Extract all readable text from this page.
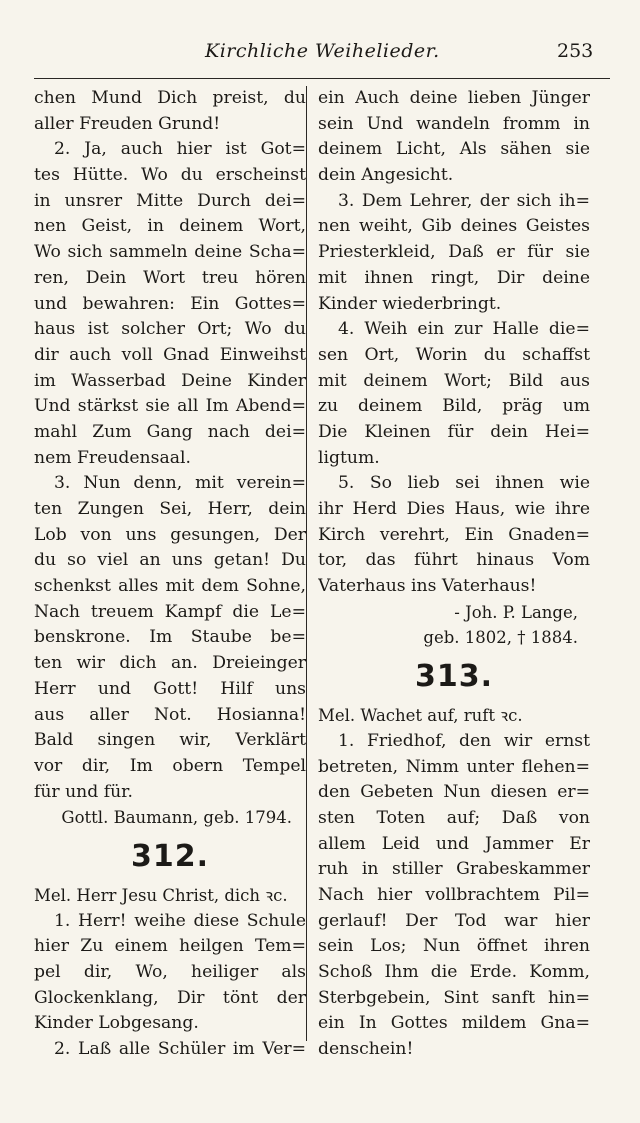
Kirchliche Weihelieder.	253
chen Mund Dich preist, du
aller Freuden Grund!
2. Ja, auch hier ist Got=
tes Hütte. Wo du erscheinst
in unsrer Mitte Durch dei=
nen Geist, in deinem Wort,
Wo sich sammeln deine Scha=
ren, Dein Wort treu hören
und bewahren: Ein Gottes=
haus ist solcher Ort; Wo du
dir auch voll Gnad Einweihst
im Wasserbad Deine Kinder
Und stärkst sie all Im Abend=
mahl Zum Gang nach dei=
nem Freudensaal.
3. Nun denn, mit verein=
ten Zungen Sei, Herr, dein
Lob von uns gesungen, Der
du so viel an uns getan! Du
schenkst alles mit dem Sohne,
Nach treuem Kampf die Le=
benskrone. Im Staube be=
ten wir dich an. Dreieinger
Herr und Gott! Hilf uns
aus aller Not. Hosianna!
Bald singen wir, Verklärt
vor dir, Im obern Tempel
für und für.
Gottl. Baumann, geb. 1794.
312.
Mel. Herr Jesu Christ, dich ꝛc.
1. Herr! weihe diese Schule
hier Zu einem heilgen Tem=
pel dir, Wo, heiliger als
Glockenklang, Dir tönt der
Kinder Lobgesang.
2. Laß alle Schüler im Ver=
ein Auch deine lieben Jünger
sein Und wandeln fromm in
deinem Licht, Als sähen sie
dein Angesicht.
3. Dem Lehrer, der sich ih=
nen weiht, Gib deines Geistes
Priesterkleid, Daß er für sie
mit ihnen ringt, Dir deine
Kinder wiederbringt.
4. Weih ein zur Halle die=
sen Ort, Worin du schaffst
mit deinem Wort; Bild aus
zu deinem Bild, präg um
Die Kleinen für dein Hei=
ligtum.
5. So lieb sei ihnen wie
ihr Herd Dies Haus, wie ihre
Kirch verehrt, Ein Gnaden=
tor, das führt hinaus Vom
Vaterhaus ins Vaterhaus!
- Joh. P. Lange,
geb. 1802, † 1884.
313.
Mel. Wachet auf, ruft ꝛc.
1. Friedhof, den wir ernst
betreten, Nimm unter flehen=
den Gebeten Nun diesen er=
sten Toten auf; Daß von
allem Leid und Jammer Er
ruh in stiller Grabeskammer
Nach hier vollbrachtem Pil=
gerlauf! Der Tod war hier
sein Los; Nun öffnet ihren
Schoß Ihm die Erde. Komm,
Sterbgebein, Sint sanft hin=
ein In Gottes mildem Gna=
denschein!
